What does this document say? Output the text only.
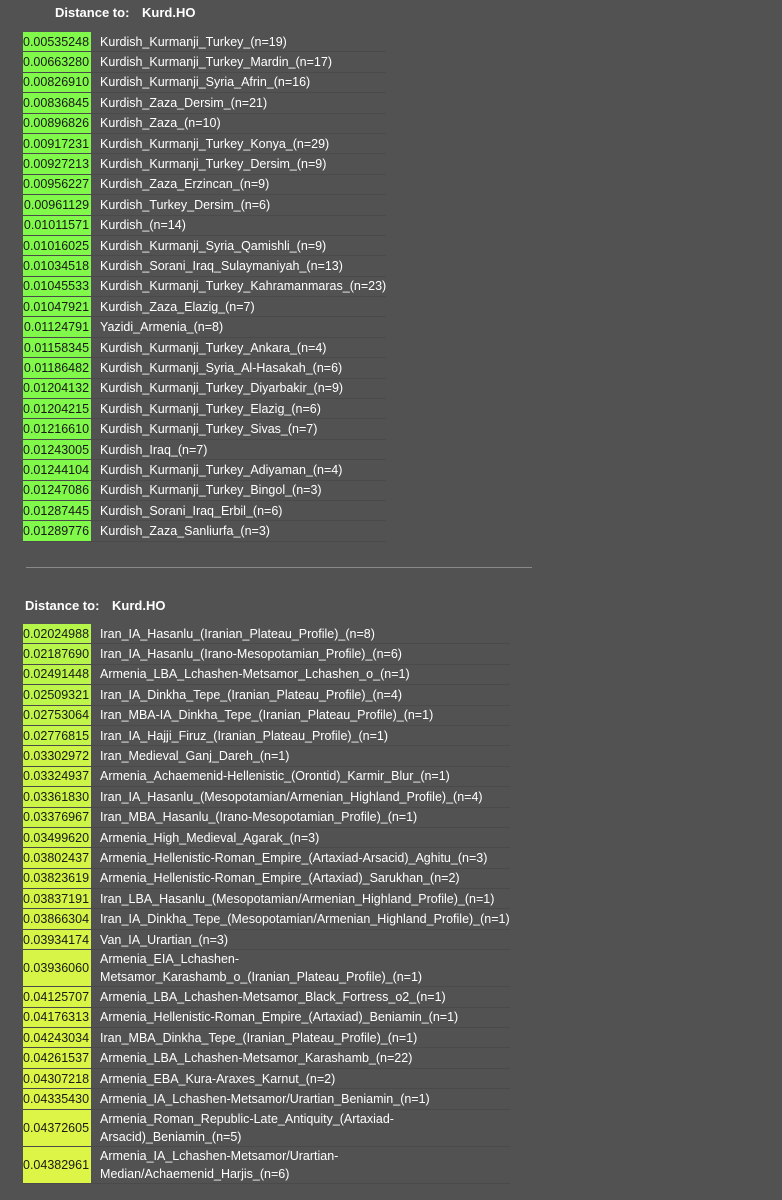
Distance to: Kurd.HO
0.00535248	Kurdish_Kurmanji_Turkey_(n=19)
0.00663280	Kurdish_Kurmanji_Turkey_Mardin_(n=17)
0.00826910	Kurdish_Kurmanji_Syria_Afrin_(n=16)
0.00836845	Kurdish_Zaza_Dersim_(n=21)
0.00896826	Kurdish_Zaza_(n=10)
0.00917231	Kurdish_Kurmanji_Turkey_Konya_(n=29)
0.00927213	Kurdish_Kurmanji_Turkey_Dersim_(n=9)
0.00956227	Kurdish_Zaza_Erzincan_(n=9)
0.00961129	Kurdish_Turkey_Dersim_(n=6)
0.01011571	Kurdish_(n=14)
0.01016025	Kurdish_Kurmanji_Syria_Qamishli_(n=9)
0.01034518	Kurdish_Sorani_Iraq_Sulaymaniyah_(n=13)
0.01045533	Kurdish_Kurmanji_Turkey_Kahramanmaras_(n=23)
0.01047921	Kurdish_Zaza_Elazig_(n=7)
0.01124791	Yazidi_Armenia_(n=8)
0.01158345	Kurdish_Kurmanji_Turkey_Ankara_(n=4)
0.01186482	Kurdish_Kurmanji_Syria_Al-Hasakah_(n=6)
0.01204132	Kurdish_Kurmanji_Turkey_Diyarbakir_(n=9)
0.01204215	Kurdish_Kurmanji_Turkey_Elazig_(n=6)
0.01216610	Kurdish_Kurmanji_Turkey_Sivas_(n=7)
0.01243005	Kurdish_Iraq_(n=7)
0.01244104	Kurdish_Kurmanji_Turkey_Adiyaman_(n=4)
0.01247086	Kurdish_Kurmanji_Turkey_Bingol_(n=3)
0.01287445	Kurdish_Sorani_Iraq_Erbil_(n=6)
0.01289776	Kurdish_Zaza_Sanliurfa_(n=3)
Distance to: Kurd.HO
0.02024988	Iran_IA_Hasanlu_(Iranian_Plateau_Profile)_(n=8)
0.02187690	Iran_IA_Hasanlu_(Irano-Mesopotamian_Profile)_(n=6)
0.02491448	Armenia_LBA_Lchashen-Metsamor_Lchashen_o_(n=1)
0.02509321	Iran_IA_Dinkha_Tepe_(Iranian_Plateau_Profile)_(n=4)
0.02753064	Iran_MBA-IA_Dinkha_Tepe_(Iranian_Plateau_Profile)_(n=1)
0.02776815	Iran_IA_Hajji_Firuz_(Iranian_Plateau_Profile)_(n=1)
0.03302972	Iran_Medieval_Ganj_Dareh_(n=1)
0.03324937	Armenia_Achaemenid-Hellenistic_(Orontid)_Karmir_Blur_(n=1)
0.03361830	Iran_IA_Hasanlu_(Mesopotamian/Armenian_Highland_Profile)_(n=4)
0.03376967	Iran_MBA_Hasanlu_(Irano-Mesopotamian_Profile)_(n=1)
0.03499620	Armenia_High_Medieval_Agarak_(n=3)
0.03802437	Armenia_Hellenistic-Roman_Empire_(Artaxiad-Arsacid)_Aghitu_(n=3)
0.03823619	Armenia_Hellenistic-Roman_Empire_(Artaxiad)_Sarukhan_(n=2)
0.03837191	Iran_LBA_Hasanlu_(Mesopotamian/Armenian_Highland_Profile)_(n=1)
0.03866304	Iran_IA_Dinkha_Tepe_(Mesopotamian/Armenian_Highland_Profile)_(n=1)
0.03934174	Van_IA_Urartian_(n=3)
0.03936060	Armenia_EIA_Lchashen-Metsamor_Karashamb_o_(Iranian_Plateau_Profile)_(n=1)
0.04125707	Armenia_LBA_Lchashen-Metsamor_Black_Fortress_o2_(n=1)
0.04176313	Armenia_Hellenistic-Roman_Empire_(Artaxiad)_Beniamin_(n=1)
0.04243034	Iran_MBA_Dinkha_Tepe_(Iranian_Plateau_Profile)_(n=1)
0.04261537	Armenia_LBA_Lchashen-Metsamor_Karashamb_(n=22)
0.04307218	Armenia_EBA_Kura-Araxes_Karnut_(n=2)
0.04335430	Armenia_IA_Lchashen-Metsamor/Urartian_Beniamin_(n=1)
0.04372605	Armenia_Roman_Republic-Late_Antiquity_(Artaxiad-Arsacid)_Beniamin_(n=5)
0.04382961	Armenia_IA_Lchashen-Metsamor/Urartian-Median/Achaemenid_Harjis_(n=6)
